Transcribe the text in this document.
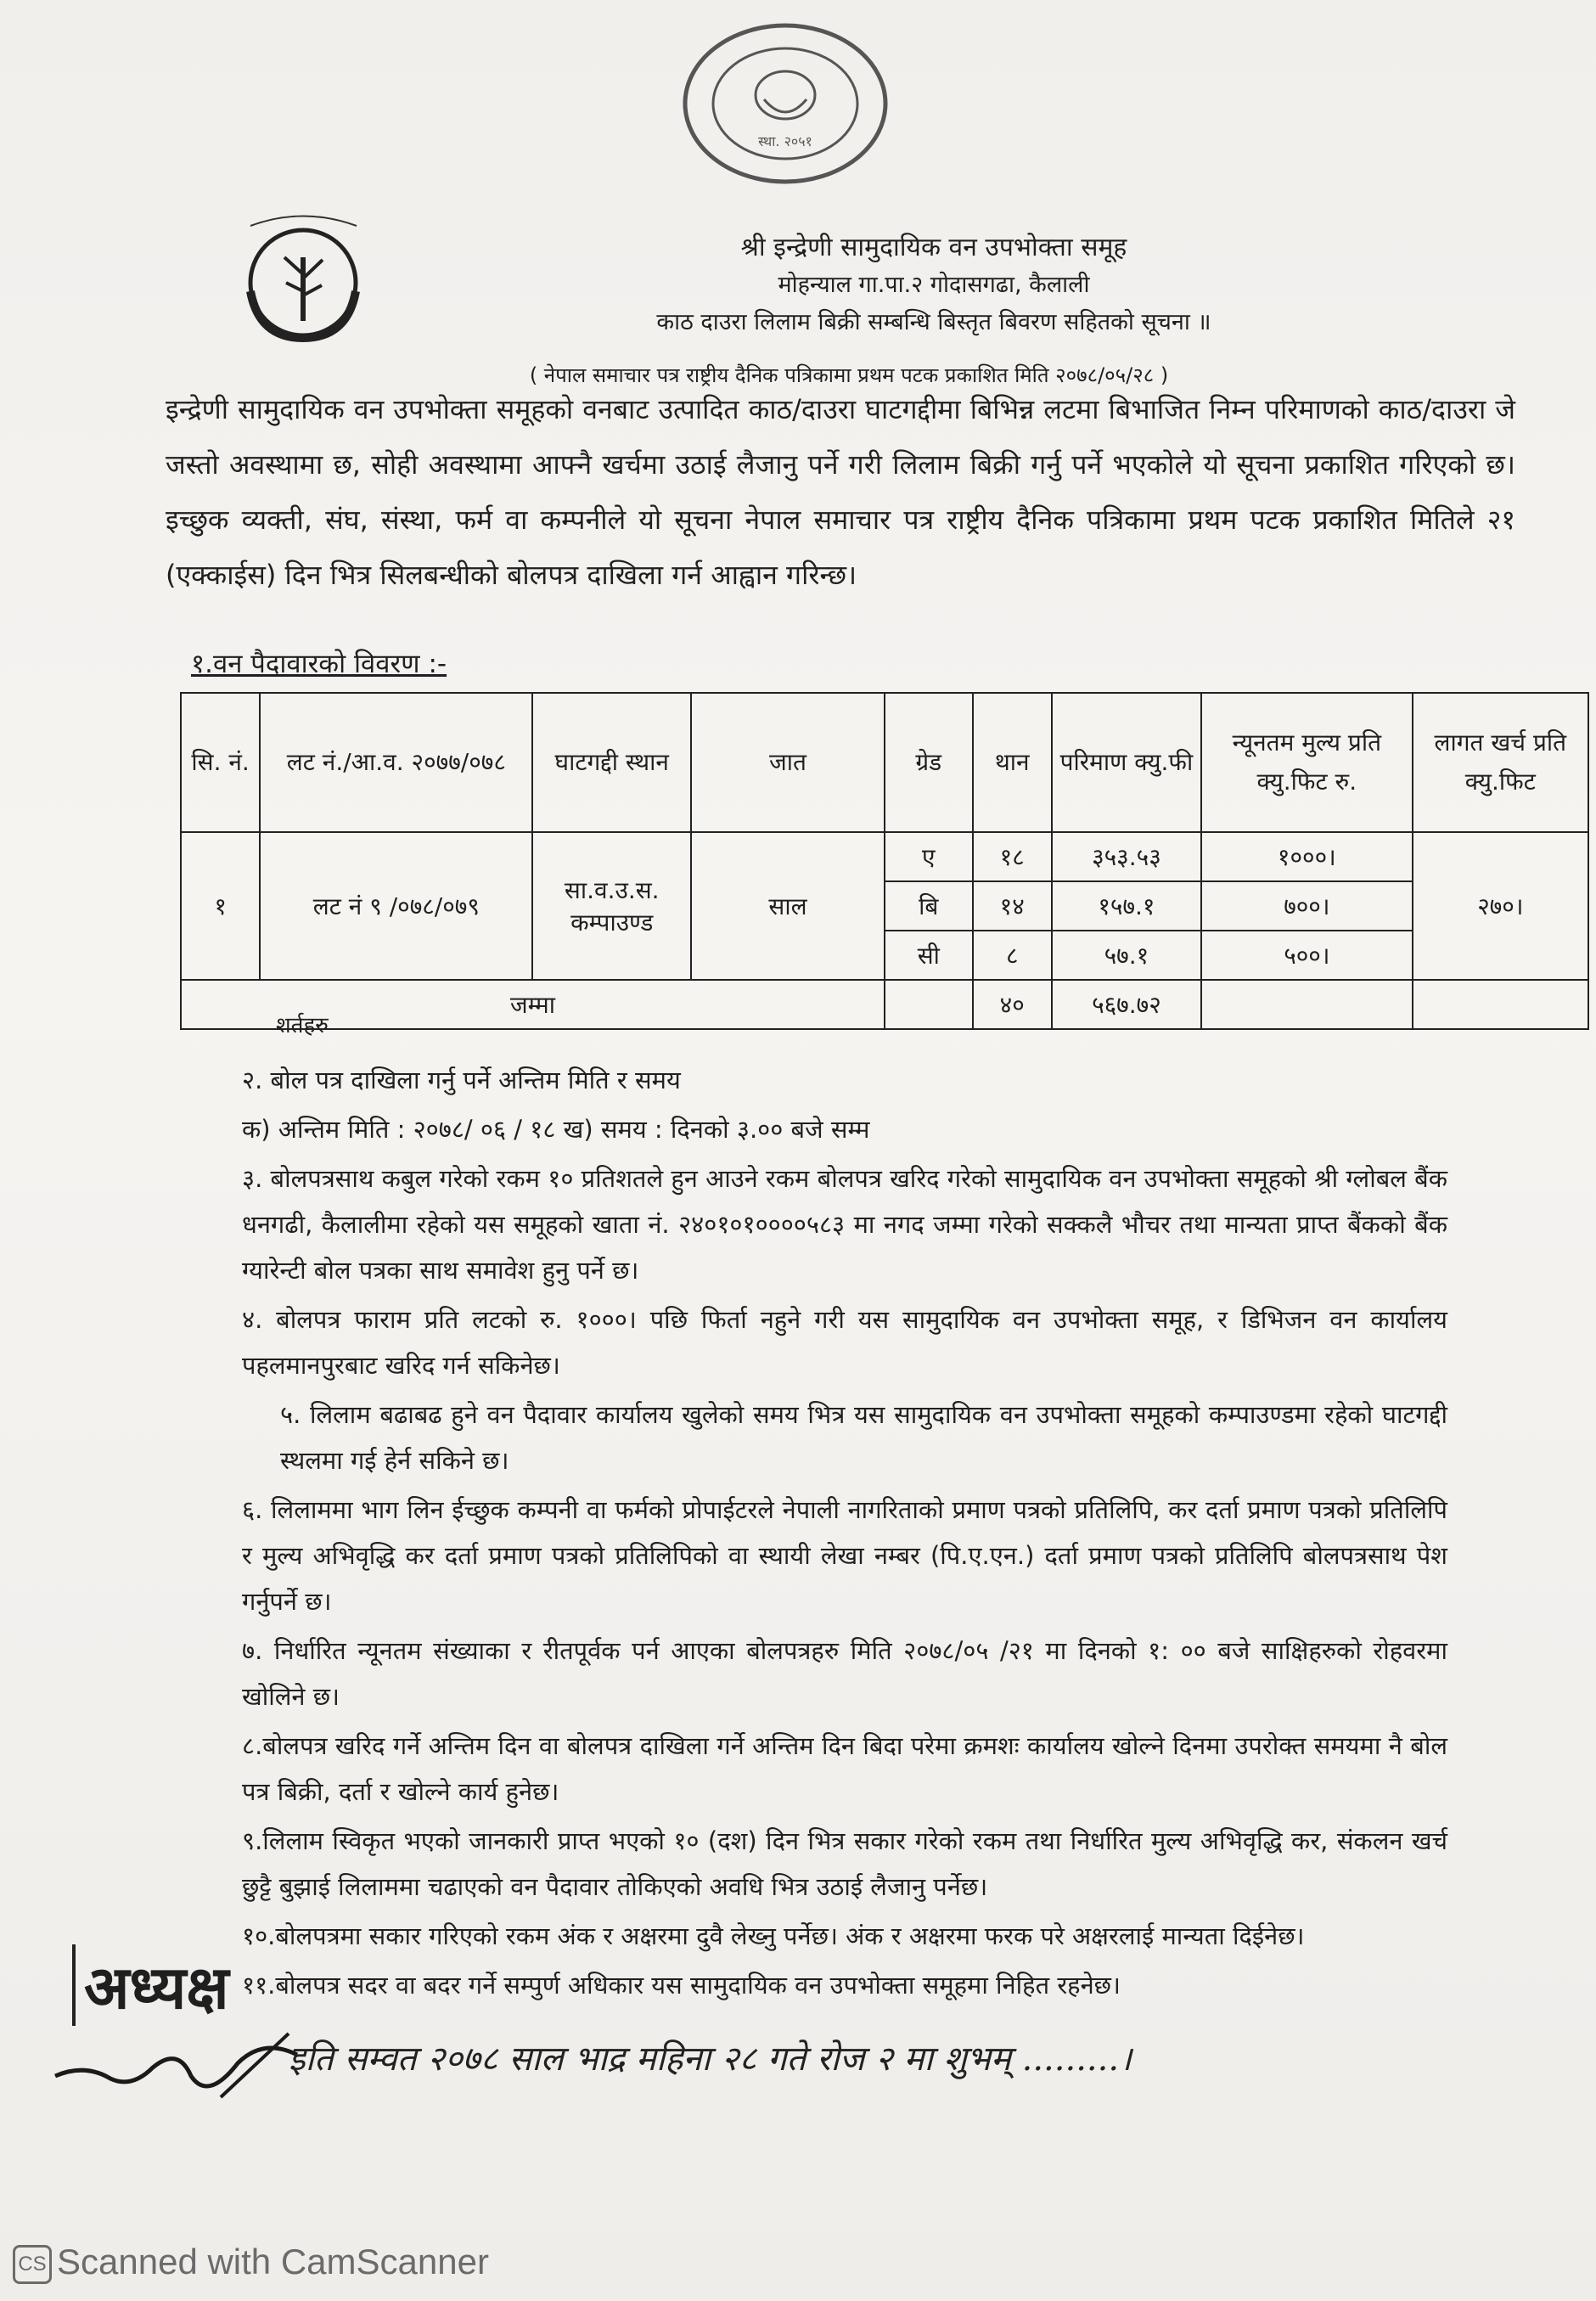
स्था. २०५१
श्री इन्द्रेणी सामुदायिक वन उपभोक्ता समूह
मोहन्याल गा.पा.२ गोदासगढा, कैलाली
काठ दाउरा लिलाम बिक्री सम्बन्धि बिस्तृत बिवरण सहितको सूचना ॥
( नेपाल समाचार पत्र राष्ट्रीय दैनिक पत्रिकामा प्रथम पटक प्रकाशित मिति २०७८/०५/२८ )
इन्द्रेणी सामुदायिक वन उपभोक्ता समूहको वनबाट उत्पादित काठ/दाउरा घाटगद्दीमा बिभिन्न लटमा बिभाजित निम्न परिमाणको काठ/दाउरा जे जस्तो अवस्थामा छ, सोही अवस्थामा आफ्नै खर्चमा उठाई लैजानु पर्ने गरी लिलाम बिक्री गर्नु पर्ने भएकोले यो सूचना प्रकाशित गरिएको छ। इच्छुक व्यक्ती, संघ, संस्था, फर्म वा कम्पनीले यो सूचना नेपाल समाचार पत्र राष्ट्रीय दैनिक पत्रिकामा प्रथम पटक प्रकाशित मितिले २१ (एक्काईस) दिन भित्र सिलबन्धीको बोलपत्र दाखिला गर्न आह्वान गरिन्छ।
१.वन पैदावारको विवरण :-
सि. नं.	लट नं./आ.व. २०७७/०७८	घाटगद्दी स्थान	जात	ग्रेड	थान	परिमाण क्यु.फी	न्यूनतम मुल्य प्रति क्यु.फिट रु.	लागत खर्च प्रति क्यु.फिट
१	लट नं ९ /०७८/०७९	सा.व.उ.स. कम्पाउण्ड	साल	ए	१८	३५३.५३	१०००।	२७०।
				बि	१४	१५७.१	७००।	
				सी	८	५७.१	५००।	
जम्मा					४०	५६७.७२		
शर्तहरु

२. बोल पत्र दाखिला गर्नु पर्ने अन्तिम मिति र समय

क) अन्तिम मिति : २०७८/ ०६ / १८ ख) समय : दिनको ३.०० बजे सम्म

३. बोलपत्रसाथ कबुल गरेको रकम १० प्रतिशतले हुन आउने रकम बोलपत्र खरिद गरेको सामुदायिक वन उपभोक्ता समूहको श्री ग्लोबल बैंक धनगढी, कैलालीमा रहेको यस समूहको खाता नं. २४०१०१००००५८३ मा नगद जम्मा गरेको सक्कलै भौचर तथा मान्यता प्राप्त बैंकको बैंक ग्यारेन्टी बोल पत्रका साथ समावेश हुनु पर्ने छ।

४. बोलपत्र फाराम प्रति लटको रु. १०००। पछि फिर्ता नहुने गरी यस सामुदायिक वन उपभोक्ता समूह, र डिभिजन वन कार्यालय पहलमानपुरबाट खरिद गर्न सकिनेछ।

५. लिलाम बढाबढ हुने वन पैदावार कार्यालय खुलेको समय भित्र यस सामुदायिक वन उपभोक्ता समूहको कम्पाउण्डमा रहेको घाटगद्दी स्थलमा गई हेर्न सकिने छ।

६. लिलाममा भाग लिन ईच्छुक कम्पनी वा फर्मको प्रोपाईटरले नेपाली नागरिताको प्रमाण पत्रको प्रतिलिपि, कर दर्ता प्रमाण पत्रको प्रतिलिपि र मुल्य अभिवृद्धि कर दर्ता प्रमाण पत्रको प्रतिलिपिको वा स्थायी लेखा नम्बर (पि.ए.एन.) दर्ता प्रमाण पत्रको प्रतिलिपि बोलपत्रसाथ पेश गर्नुपर्ने छ।

७. निर्धारित न्यूनतम संख्याका र रीतपूर्वक पर्न आएका बोलपत्रहरु मिति २०७८/०५ /२१ मा दिनको १: ०० बजे साक्षिहरुको रोहवरमा खोलिने छ।

८.बोलपत्र खरिद गर्ने अन्तिम दिन वा बोलपत्र दाखिला गर्ने अन्तिम दिन बिदा परेमा क्रमशः कार्यालय खोल्ने दिनमा उपरोक्त समयमा नै बोल पत्र बिक्री, दर्ता र खोल्ने कार्य हुनेछ।

९.लिलाम स्विकृत भएको जानकारी प्राप्त भएको १० (दश) दिन भित्र सकार गरेको रकम तथा निर्धारित मुल्य अभिवृद्धि कर, संकलन खर्च छुट्टै बुझाई लिलाममा चढाएको वन पैदावार तोकिएको अवधि भित्र उठाई लैजानु पर्नेछ।

१०.बोलपत्रमा सकार गरिएको रकम अंक र अक्षरमा दुवै लेख्नु पर्नेछ। अंक र अक्षरमा फरक परे अक्षरलाई मान्यता दिईनेछ।

११.बोलपत्र सदर वा बदर गर्ने सम्पुर्ण अधिकार यस सामुदायिक वन उपभोक्ता समूहमा निहित रहनेछ।

अध्यक्ष
इति सम्वत २०७८ साल भाद्र महिना २८ गते रोज २ मा शुभम् .........।
CS Scanned with CamScanner
